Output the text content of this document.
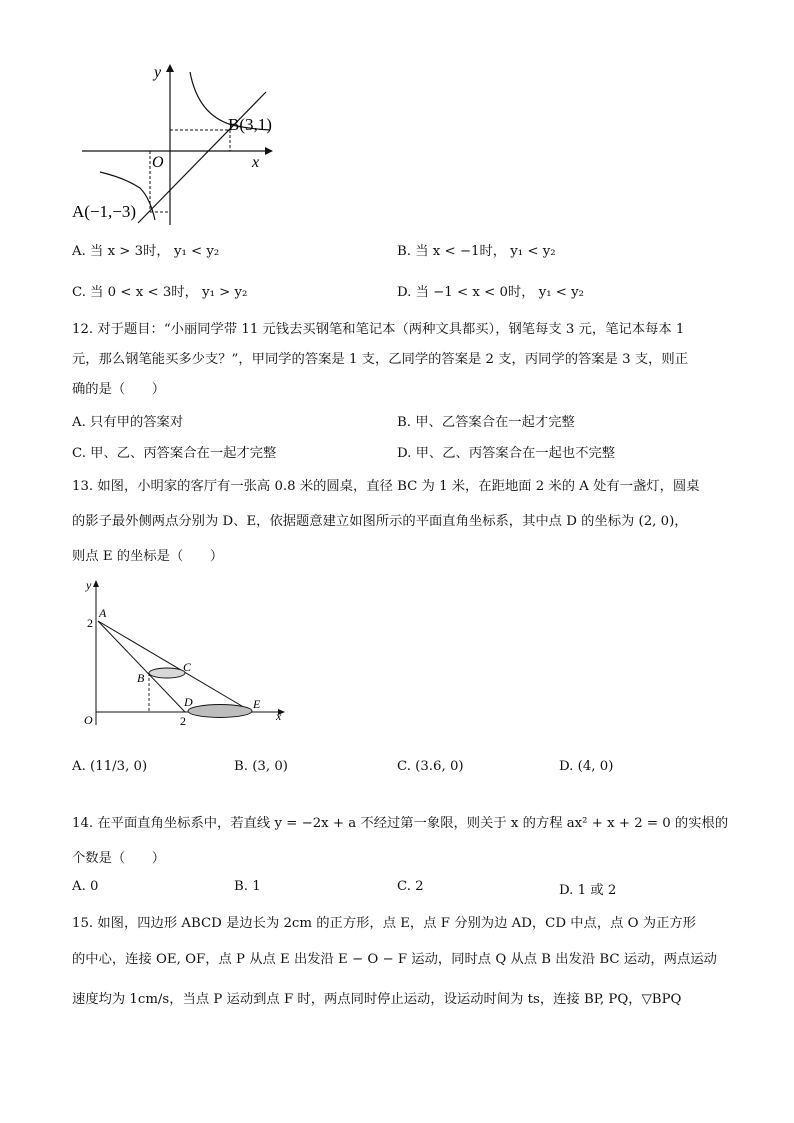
y
x
O
B(3,1)
A(−1,−3)
A. 当 x > 3时， y₁ < y₂	B. 当 x < −1时， y₁ < y₂
C. 当 0 < x < 3时， y₁ > y₂	D. 当 −1 < x < 0时， y₁ < y₂
12. 对于题目：“小丽同学带 11 元钱去买钢笔和笔记本（两种文具都买），钢笔每支 3 元，笔记本每本 1
元，那么钢笔能买多少支？”，甲同学的答案是 1 支，乙同学的答案是 2 支，丙同学的答案是 3 支，则正
确的是（　　）
A. 只有甲的答案对	B. 甲、乙答案合在一起才完整
C. 甲、乙、丙答案合在一起才完整	D. 甲、乙、丙答案合在一起也不完整
13. 如图，小明家的客厅有一张高 0.8 米的圆桌，直径 BC 为 1 米，在距地面 2 米的 A 处有一盏灯，圆桌
的影子最外侧两点分别为 D、E，依据题意建立如图所示的平面直角坐标系，其中点 D 的坐标为 (2, 0)，
则点 E 的坐标是（　　）
y
x
O
A
2
B
C
D	E
2
A. (11/3, 0)	B. (3, 0)	C. (3.6, 0)	D. (4, 0)
14. 在平面直角坐标系中，若直线 y = −2x + a 不经过第一象限，则关于 x 的方程 ax² + x + 2 = 0 的实根的
个数是（　　）
A. 0	B. 1	C. 2	D. 1 或 2
15. 如图，四边形 ABCD 是边长为 2cm 的正方形，点 E，点 F 分别为边 AD，CD 中点，点 O 为正方形
的中心，连接 OE, OF，点 P 从点 E 出发沿 E − O − F 运动，同时点 Q 从点 B 出发沿 BC 运动，两点运动
速度均为 1cm/s，当点 P 运动到点 F 时，两点同时停止运动，设运动时间为 ts，连接 BP, PQ，▽BPQ
